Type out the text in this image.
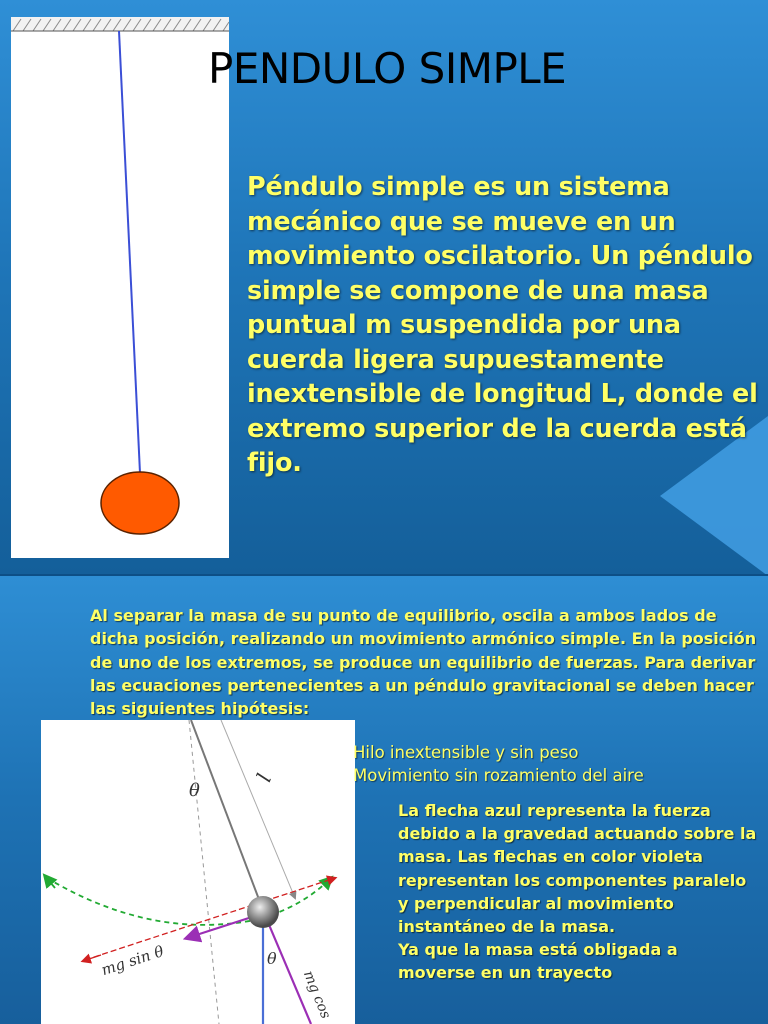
PENDULO SIMPLE

Péndulo simple es un sistema mecánico que se mueve en un movimiento oscilatorio. Un péndulo simple se compone de una masa puntual m suspendida por una cuerda ligera supuestamente inextensible de longitud L, donde el extremo superior de la cuerda está fijo.

Al separar la masa de su punto de equilibrio, oscila a ambos lados de dicha posición, realizando un movimiento armónico simple. En la posición de uno de los extremos, se produce un equilibrio de fuerzas. Para derivar las ecuaciones pertenecientes a un péndulo gravitacional se deben hacer las siguientes hipótesis:

θ
l
θ
mg sin θ
mg cos
Hilo inextensible y sin peso
Movimiento sin rozamiento del aire
La flecha azul representa la fuerza debido a la gravedad actuando sobre la masa. Las flechas en color violeta representan los componentes paralelo y perpendicular al movimiento instantáneo de la masa.
Ya que la masa está obligada a moverse en un trayecto
